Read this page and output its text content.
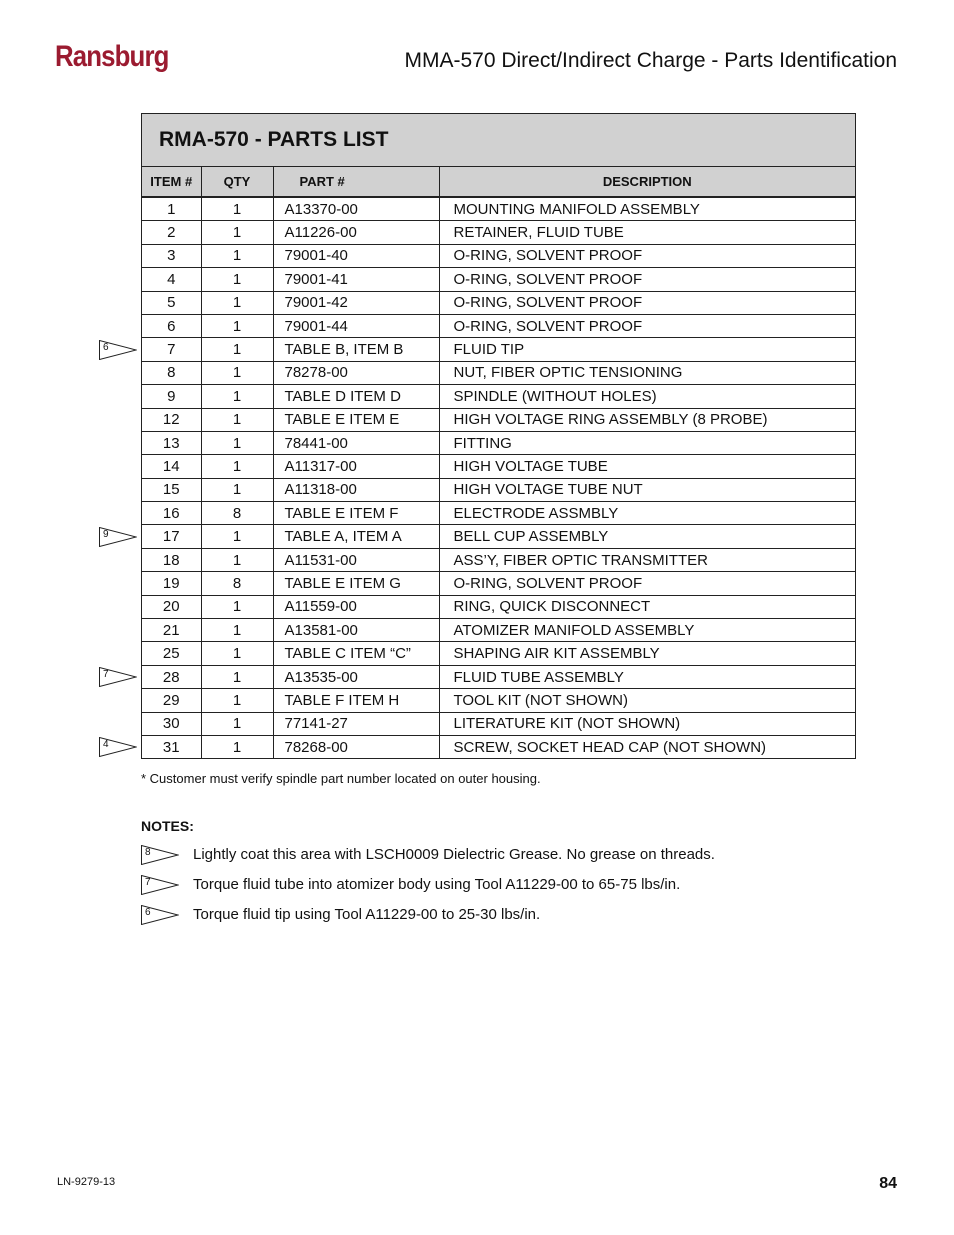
Ransburg	MMA-570 Direct/Indirect Charge - Parts Identification
RMA-570 - PARTS LIST
ITEM #	QTY	PART #	DESCRIPTION
1	1	A13370-00	MOUNTING MANIFOLD ASSEMBLY
2	1	A11226-00	RETAINER, FLUID TUBE
3	1	79001-40	O-RING, SOLVENT PROOF
4	1	79001-41	O-RING, SOLVENT PROOF
5	1	79001-42	O-RING, SOLVENT PROOF
6	1	79001-44	O-RING, SOLVENT PROOF
7	1	TABLE B, ITEM B	FLUID TIP
8	1	78278-00	NUT, FIBER OPTIC TENSIONING
9	1	TABLE D ITEM D	SPINDLE (WITHOUT HOLES)
12	1	TABLE E ITEM E	HIGH VOLTAGE RING ASSEMBLY (8 PROBE)
13	1	78441-00	FITTING
14	1	A11317-00	HIGH VOLTAGE TUBE
15	1	A11318-00	HIGH VOLTAGE TUBE NUT
16	8	TABLE E ITEM F	ELECTRODE ASSMBLY
17	1	TABLE A, ITEM A	BELL CUP ASSEMBLY
18	1	A11531-00	ASS’Y, FIBER OPTIC TRANSMITTER
19	8	TABLE E ITEM G	O-RING, SOLVENT PROOF
20	1	A11559-00	RING, QUICK DISCONNECT
21	1	A13581-00	ATOMIZER MANIFOLD ASSEMBLY
25	1	TABLE C ITEM “C”	SHAPING AIR KIT ASSEMBLY
28	1	A13535-00	FLUID TUBE ASSEMBLY
29	1	TABLE F ITEM H	TOOL KIT (NOT SHOWN)
30	1	77141-27	LITERATURE KIT (NOT SHOWN)
31	1	78268-00	SCREW, SOCKET HEAD CAP (NOT SHOWN)
6
9
7
4
* Customer must verify spindle part number located on outer housing.
NOTES:
8	Lightly coat this area with LSCH0009 Dielectric Grease. No grease on threads.
7	Torque fluid tube into atomizer body using Tool A11229-00 to 65-75 lbs/in.
6	Torque fluid tip using Tool A11229-00 to 25-30 lbs/in.
LN-9279-13	84
